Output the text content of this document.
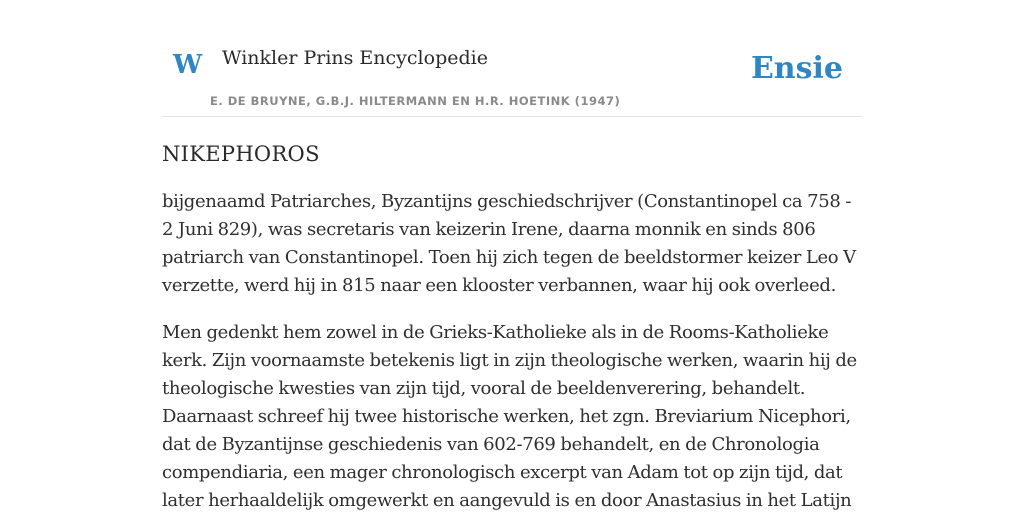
W Winkler Prins Encyclopedie
E. DE BRUYNE, G.B.J. HILTERMANN EN H.R. HOETINK (1947)
Ensie
NIKEPHOROS

bijgenaamd Patriarches, Byzantijns geschiedschrijver (Constantinopel ca 758 - 2 Juni 829), was secretaris van keizerin Irene, daarna monnik en sinds 806 patriarch van Constantinopel. Toen hij zich tegen de beeldstormer keizer Leo V verzette, werd hij in 815 naar een klooster verbannen, waar hij ook overleed.

Men gedenkt hem zowel in de Grieks-Katholieke als in de Rooms-Katholieke kerk. Zijn voornaamste betekenis ligt in zijn theologische werken, waarin hij de theologische kwesties van zijn tijd, vooral de beeldenverering, behandelt. Daarnaast schreef hij twee historische werken, het zgn. Breviarium Nicephori, dat de Byzantijnse geschiedenis van 602-769 behandelt, en de Chronologia compendiaria, een mager chronologisch excerpt van Adam tot op zijn tijd, dat later herhaaldelijk omgewerkt en aangevuld is en door Anastasius in het Latijn
